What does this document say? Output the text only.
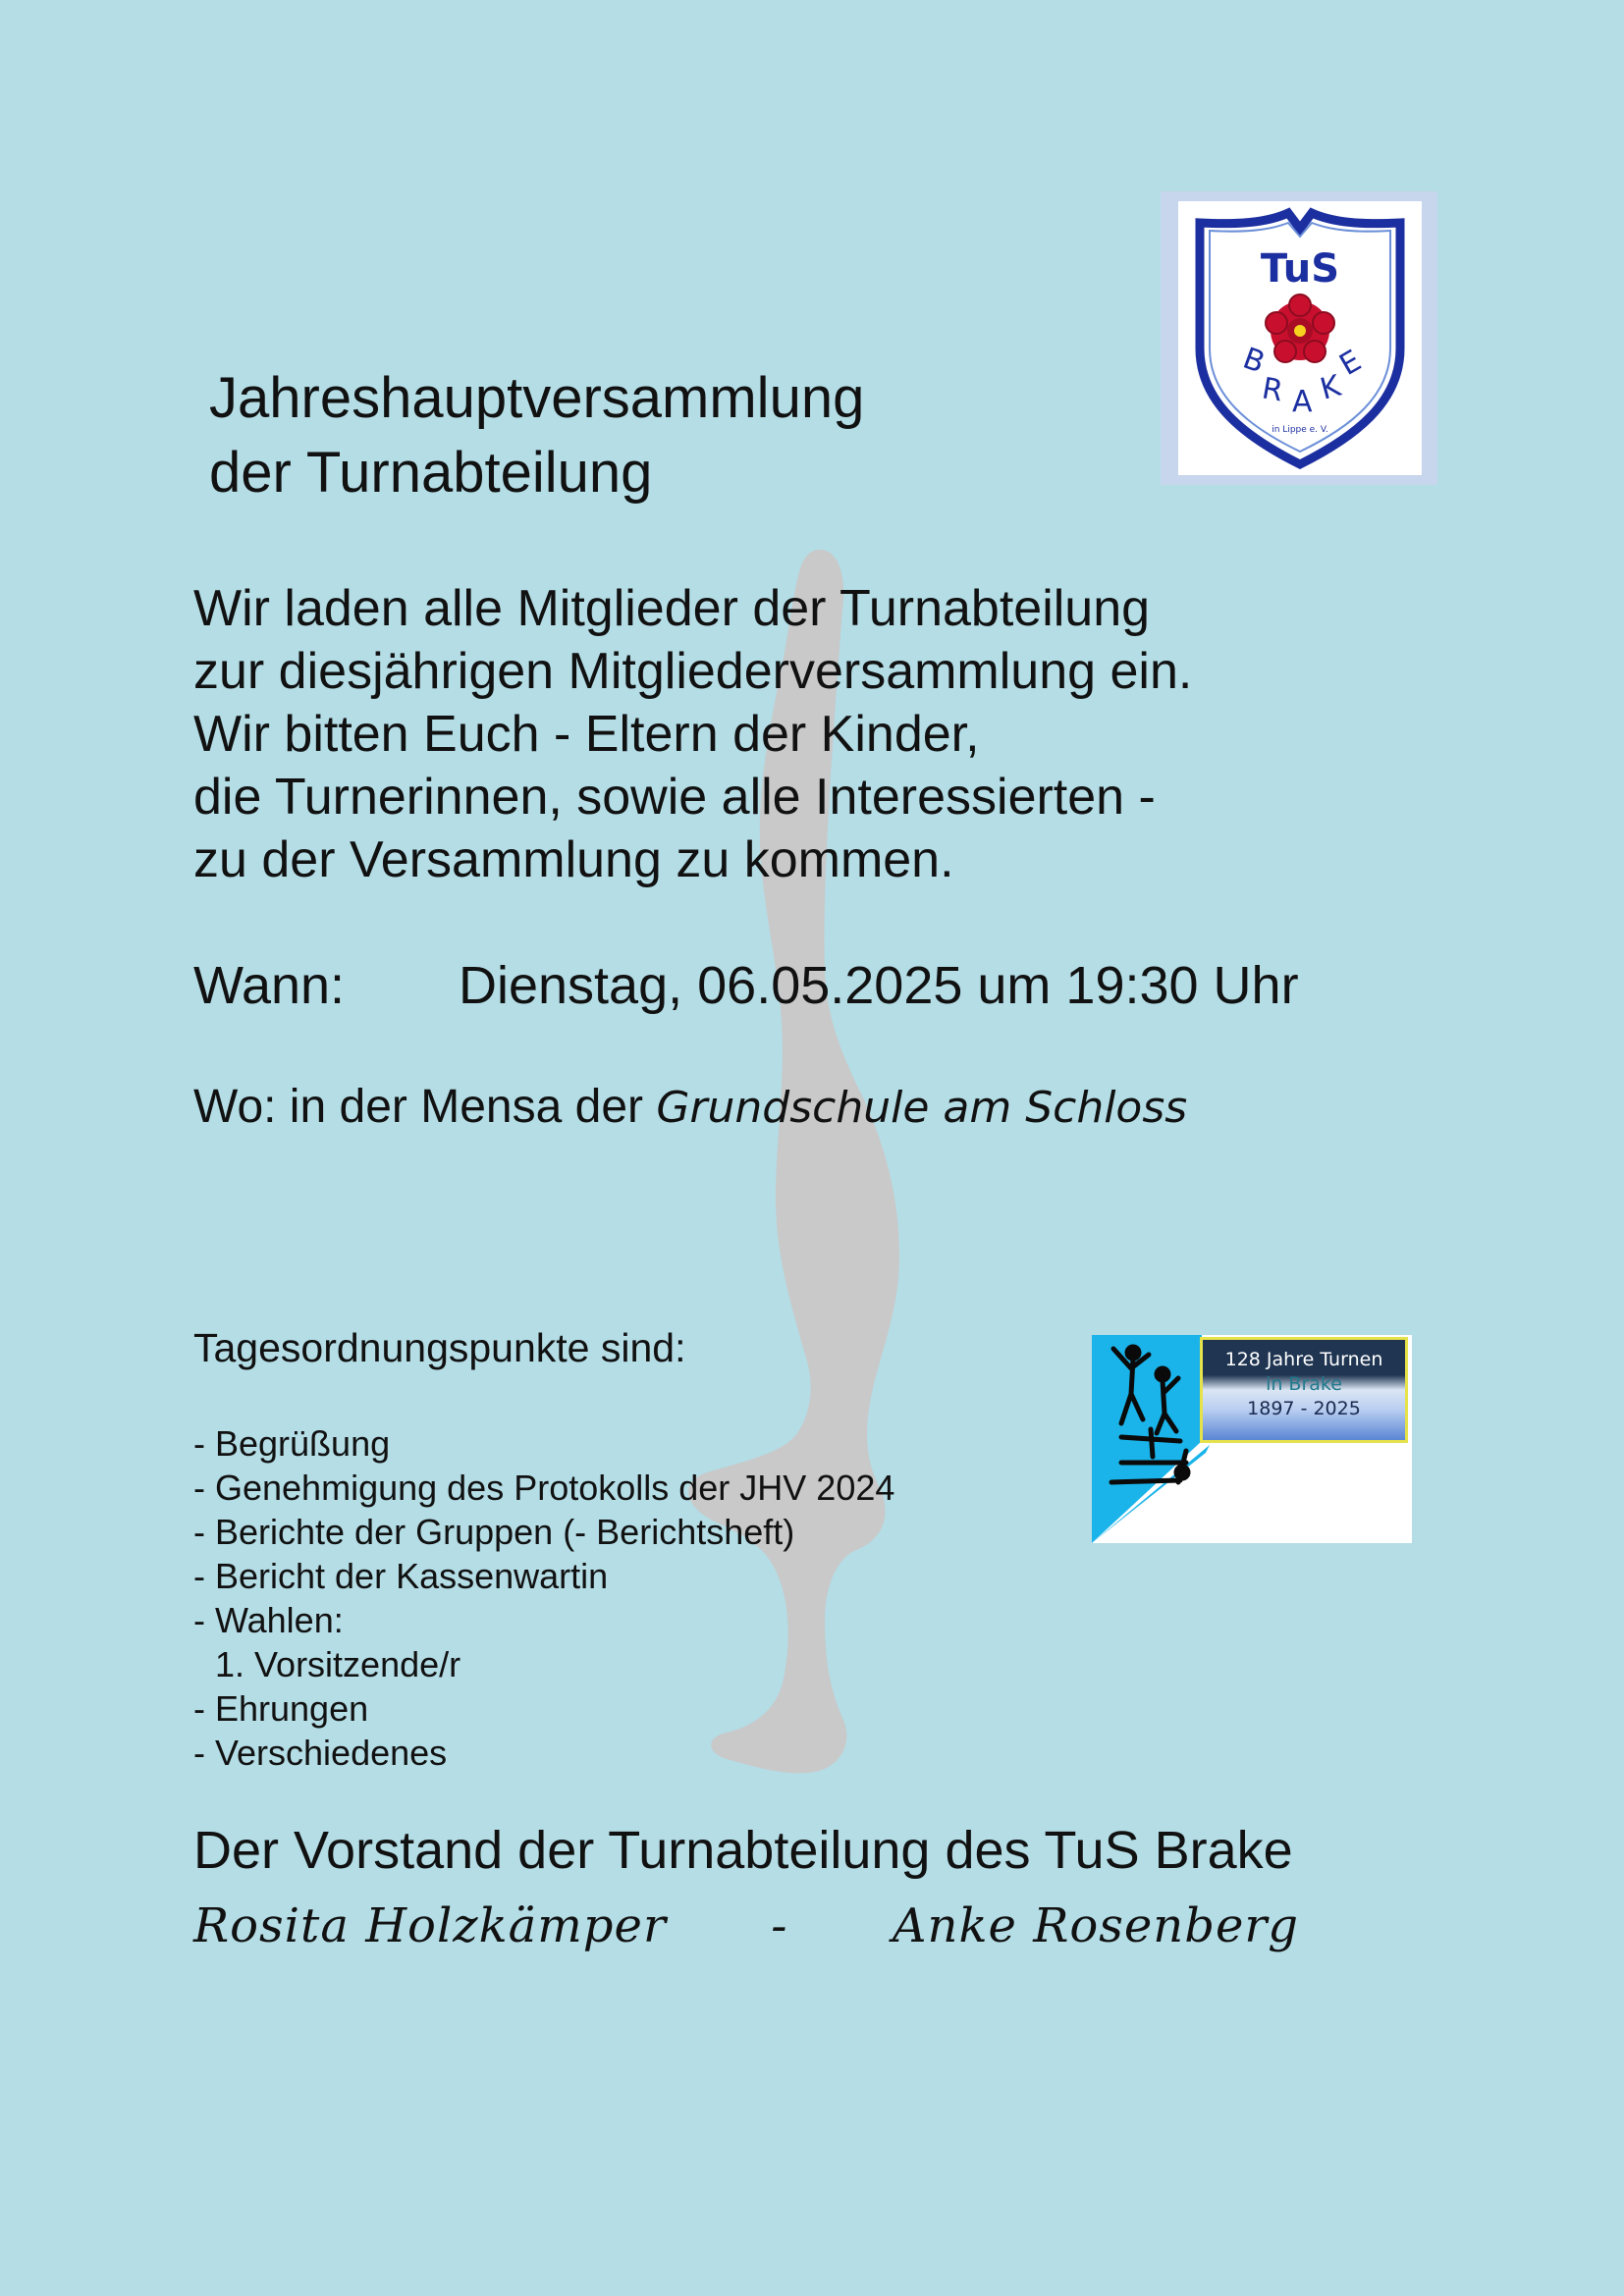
TuS
B
R A K
E
in Lippe e. V.
Jahreshauptversammlung
der Turnabteilung
Wir laden alle Mitglieder der Turnabteilung
zur diesjährigen Mitgliederversammlung ein.
Wir bitten Euch - Eltern der Kinder,
die Turnerinnen, sowie alle Interessierten -
zu der Versammlung zu kommen.
Wann: Dienstag, 06.05.2025 um 19:30 Uhr
Wo: in der Mensa der Grundschule am Schloss
128 Jahre Turnen
in Brake
1897 - 2025
Tagesordnungspunkte sind:
- Begrüßung
- Genehmigung des Protokolls der JHV 2024
- Berichte der Gruppen (- Berichtsheft)
- Bericht der Kassenwartin
- Wahlen:
1. Vorsitzende/r
- Ehrungen
- Verschiedenes
Der Vorstand der Turnabteilung des TuS Brake
Rosita Holzkämper - Anke Rosenberg
